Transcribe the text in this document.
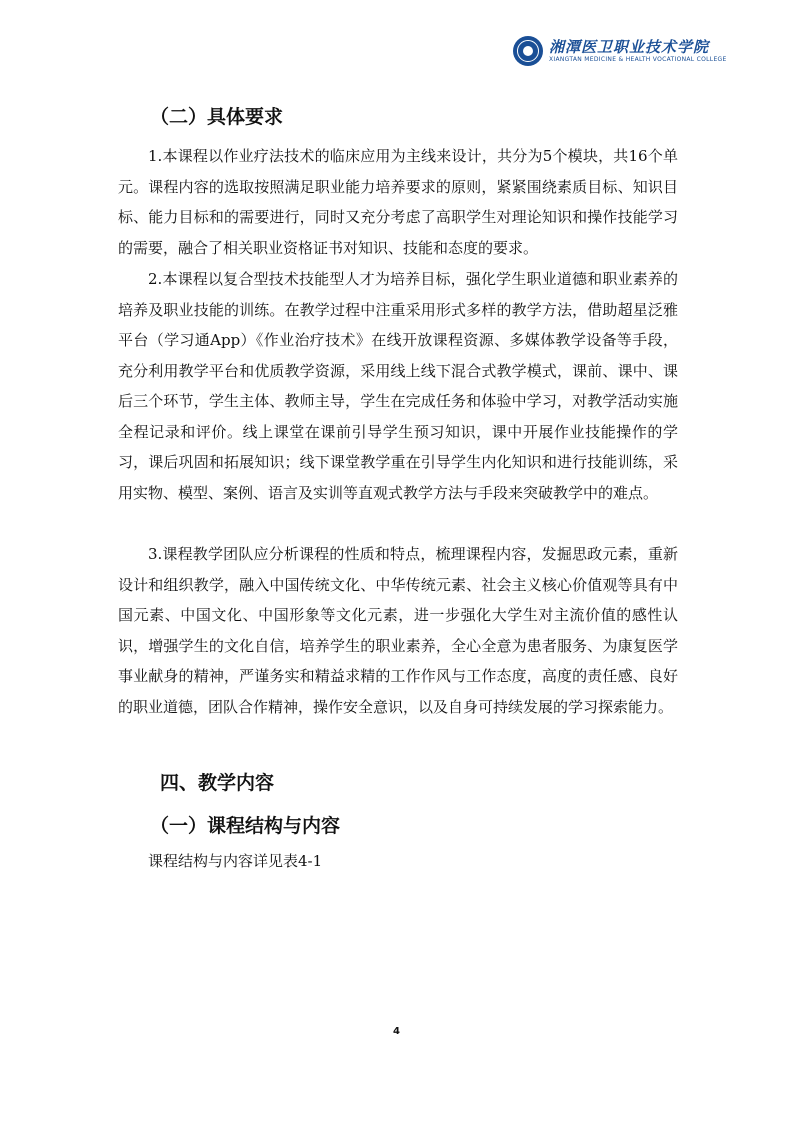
湘潭医卫职业技术学院
XIANGTAN MEDICINE & HEALTH VOCATIONAL COLLEGE
（二）具体要求

1.本课程以作业疗法技术的临床应用为主线来设计，共分为5个模块，共16个单元。课程内容的选取按照满足职业能力培养要求的原则，紧紧围绕素质目标、知识目标、能力目标和的需要进行，同时又充分考虑了高职学生对理论知识和操作技能学习的需要，融合了相关职业资格证书对知识、技能和态度的要求。

2.本课程以复合型技术技能型人才为培养目标，强化学生职业道德和职业素养的培养及职业技能的训练。在教学过程中注重采用形式多样的教学方法，借助超星泛雅平台（学习通App）《作业治疗技术》在线开放课程资源、多媒体教学设备等手段，充分利用教学平台和优质教学资源，采用线上线下混合式教学模式，课前、课中、课后三个环节，学生主体、教师主导，学生在完成任务和体验中学习，对教学活动实施全程记录和评价。线上课堂在课前引导学生预习知识，课中开展作业技能操作的学习，课后巩固和拓展知识；线下课堂教学重在引导学生内化知识和进行技能训练，采用实物、模型、案例、语言及实训等直观式教学方法与手段来突破教学中的难点。

3.课程教学团队应分析课程的性质和特点，梳理课程内容，发掘思政元素，重新设计和组织教学，融入中国传统文化、中华传统元素、社会主义核心价值观等具有中国元素、中国文化、中国形象等文化元素，进一步强化大学生对主流价值的感性认识，增强学生的文化自信，培养学生的职业素养，全心全意为患者服务、为康复医学事业献身的精神，严谨务实和精益求精的工作作风与工作态度，高度的责任感、良好的职业道德，团队合作精神，操作安全意识，以及自身可持续发展的学习探索能力。

四、教学内容
（一）课程结构与内容

课程结构与内容详见表4-1

4
